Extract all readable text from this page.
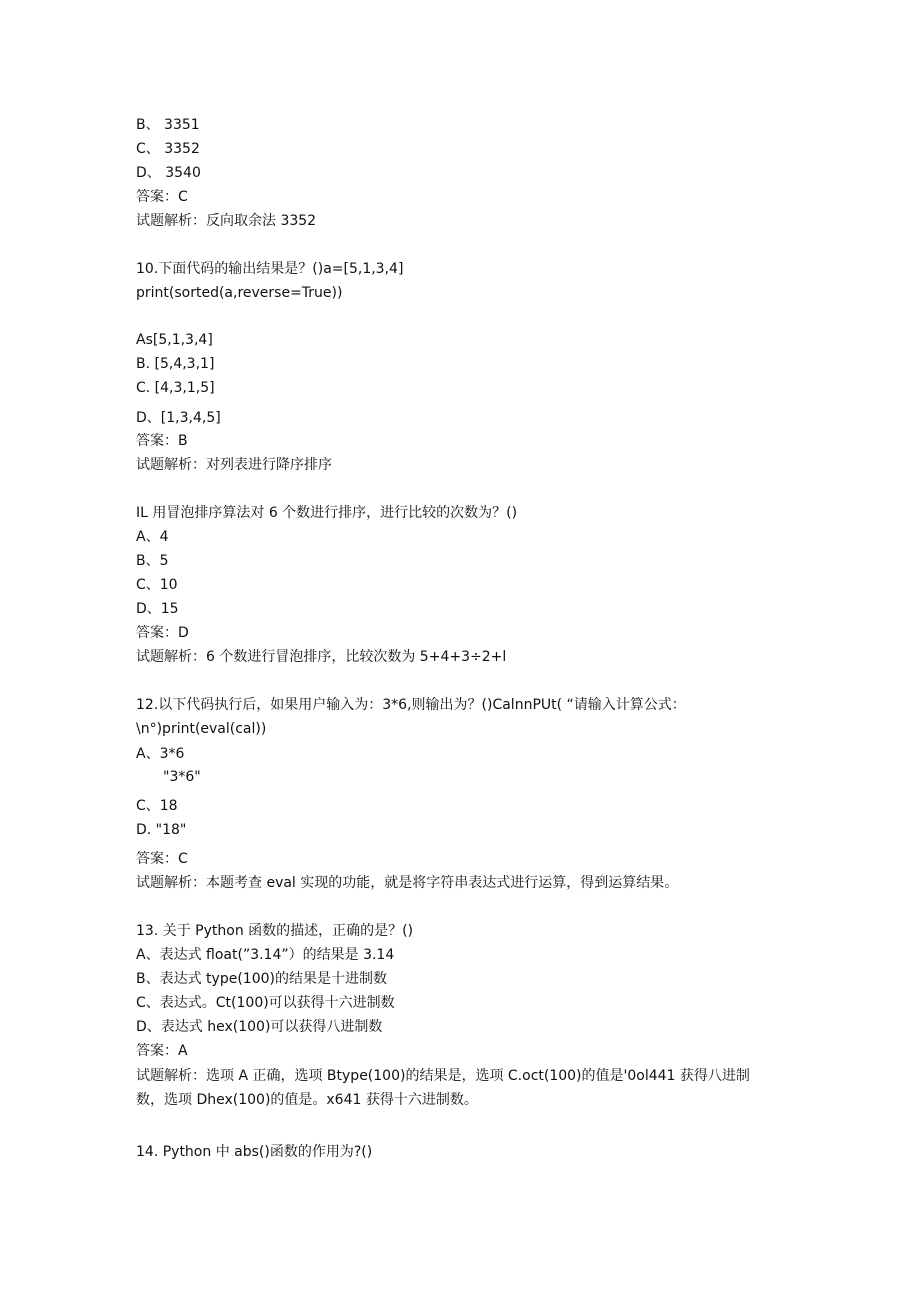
B、 3351
C、 3352
D、 3540
答案：C
试题解析：反向取余法 3352
10.下面代码的输出结果是？()a=[5,1,3,4]
print(sorted(a,reverse=True))
As[5,1,3,4]
B. [5,4,3,1]
C. [4,3,1,5]
D、[1,3,4,5]
答案：B
试题解析：对列表进行降序排序
IL 用冒泡排序算法对 6 个数进行排序，进行比较的次数为？()
A、4
B、5
C、10
D、15
答案：D
试题解析：6 个数进行冒泡排序，比较次数为 5+4+3÷2+l
12.以下代码执行后，如果用户输入为：3*6,则输出为？()CalnnPUt( “请输入计算公式：
\n°)print(eval(cal))
A、3*6
"3*6"
C、18
D. "18"
答案：C
试题解析：本题考查 eval 实现的功能，就是将字符串表达式进行运算，得到运算结果。
13. 关于 Python 函数的描述，正确的是？()
A、表达式 float(”3.14”）的结果是 3.14
B、表达式 type(100)的结果是十进制数
C、表达式。Ct(100)可以获得十六进制数
D、表达式 hex(100)可以获得八进制数
答案：A
试题解析：选项 A 正确，选项 Btype(100)的结果是，选项 C.oct(100)的值是'0ol441 获得八进制
数，选项 Dhex(100)的值是。x641 获得十六进制数。
14. Python 中 abs()函数的作用为?()
